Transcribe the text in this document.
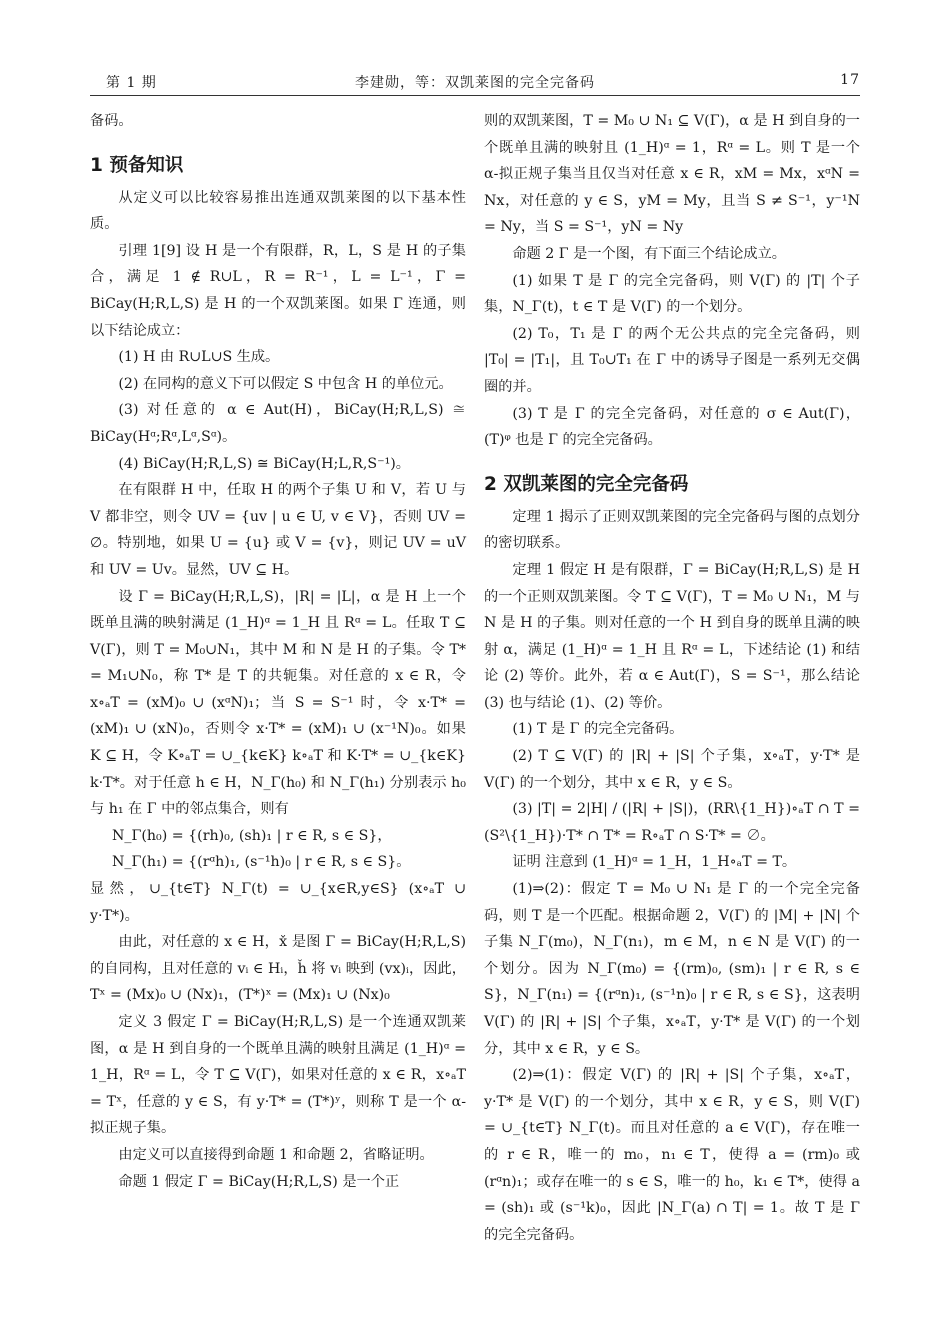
第 1 期	李建勋，等：双凯莱图的完全完备码	17

备码。

1 预备知识

从定义可以比较容易推出连通双凯莱图的以下基本性质。

引理 1[9] 设 H 是一个有限群，R，L，S 是 H 的子集合，满足 1 ∉ R∪L，R = R⁻¹，L = L⁻¹，Γ = BiCay(H;R,L,S) 是 H 的一个双凯莱图。如果 Γ 连通，则以下结论成立：

(1) H 由 R∪L∪S 生成。

(2) 在同构的意义下可以假定 S 中包含 H 的单位元。

(3) 对任意的 α ∈ Aut(H)，BiCay(H;R,L,S) ≅ BiCay(Hᵅ;Rᵅ,Lᵅ,Sᵅ)。

(4) BiCay(H;R,L,S) ≅ BiCay(H;L,R,S⁻¹)。

在有限群 H 中，任取 H 的两个子集 U 和 V，若 U 与 V 都非空，则令 UV = {uv | u ∈ U, v ∈ V}，否则 UV = ∅。特别地，如果 U = {u} 或 V = {v}，则记 UV = uV 和 UV = Uv。显然，UV ⊆ H。

设 Γ = BiCay(H;R,L,S)，|R| = |L|，α 是 H 上一个既单且满的映射满足 (1_H)ᵅ = 1_H 且 Rᵅ = L。任取 T ⊆ V(Γ)，则 T = M₀∪N₁，其中 M 和 N 是 H 的子集。令 T* = M₁∪N₀，称 T* 是 T 的共轭集。对任意的 x ∈ R，令 x∘ₐT = (xM)₀ ∪ (xᵅN)₁；当 S = S⁻¹ 时，令 x·T* = (xM)₁ ∪ (xN)₀，否则令 x·T* = (xM)₁ ∪ (x⁻¹N)₀。如果 K ⊆ H，令 K∘ₐT = ∪_{k∈K} k∘ₐT 和 K·T* = ∪_{k∈K} k·T*。对于任意 h ∈ H，N_Γ(h₀) 和 N_Γ(h₁) 分别表示 h₀ 与 h₁ 在 Γ 中的邻点集合，则有

N_Γ(h₀) = {(rh)₀, (sh)₁ | r ∈ R, s ∈ S}，

N_Γ(h₁) = {(rᵅh)₁, (s⁻¹h)₀ | r ∈ R, s ∈ S}。

显然，∪_{t∈T} N_Γ(t) = ∪_{x∈R,y∈S} (x∘ₐT ∪ y·T*)。

由此，对任意的 x ∈ H，x̌ 是图 Γ = BiCay(H;R,L,S) 的自同构，且对任意的 vᵢ ∈ Hᵢ，ȟ 将 vᵢ 映到 (vx)ᵢ，因此，Tˣ = (Mx)₀ ∪ (Nx)₁，(T*)ˣ = (Mx)₁ ∪ (Nx)₀

定义 3 假定 Γ = BiCay(H;R,L,S) 是一个连通双凯莱图，α 是 H 到自身的一个既单且满的映射且满足 (1_H)ᵅ = 1_H，Rᵅ = L，令 T ⊆ V(Γ)，如果对任意的 x ∈ R，x∘ₐT = Tˣ，任意的 y ∈ S，有 y·T* = (T*)ʸ，则称 T 是一个 α-拟正规子集。

由定义可以直接得到命题 1 和命题 2，省略证明。

命题 1 假定 Γ = BiCay(H;R,L,S) 是一个正

则的双凯莱图，T = M₀ ∪ N₁ ⊆ V(Γ)，α 是 H 到自身的一个既单且满的映射且 (1_H)ᵅ = 1，Rᵅ = L。则 T 是一个 α-拟正规子集当且仅当对任意 x ∈ R，xM = Mx，xᵅN = Nx，对任意的 y ∈ S，yM = My，且当 S ≠ S⁻¹，y⁻¹N = Ny，当 S = S⁻¹，yN = Ny

命题 2 Γ 是一个图，有下面三个结论成立。

(1) 如果 T 是 Γ 的完全完备码，则 V(Γ) 的 |T| 个子集，N_Γ(t)，t ∈ T 是 V(Γ) 的一个划分。

(2) T₀，T₁ 是 Γ 的两个无公共点的完全完备码，则 |T₀| = |T₁|，且 T₀∪T₁ 在 Γ 中的诱导子图是一系列无交偶圈的并。

(3) T 是 Γ 的完全完备码，对任意的 σ ∈ Aut(Γ)，(T)ᵠ 也是 Γ 的完全完备码。

2 双凯莱图的完全完备码

定理 1 揭示了正则双凯莱图的完全完备码与图的点划分的密切联系。

定理 1 假定 H 是有限群，Γ = BiCay(H;R,L,S) 是 H 的一个正则双凯莱图。令 T ⊆ V(Γ)，T = M₀ ∪ N₁，M 与 N 是 H 的子集。则对任意的一个 H 到自身的既单且满的映射 α，满足 (1_H)ᵅ = 1_H 且 Rᵅ = L，下述结论 (1) 和结论 (2) 等价。此外，若 α ∈ Aut(Γ)，S = S⁻¹，那么结论 (3) 也与结论 (1)、(2) 等价。

(1) T 是 Γ 的完全完备码。

(2) T ⊆ V(Γ) 的 |R| + |S| 个子集，x∘ₐT，y·T* 是 V(Γ) 的一个划分，其中 x ∈ R，y ∈ S。

(3) |T| = 2|H| / (|R| + |S|)，(RR\{1_H})∘ₐT ∩ T = (S²\{1_H})·T* ∩ T* = R∘ₐT ∩ S·T* = ∅。

证明 注意到 (1_H)ᵅ = 1_H，1_H∘ₐT = T。

(1)⇒(2)：假定 T = M₀ ∪ N₁ 是 Γ 的一个完全完备码，则 T 是一个匹配。根据命题 2，V(Γ) 的 |M| + |N| 个子集 N_Γ(m₀)，N_Γ(n₁)，m ∈ M，n ∈ N 是 V(Γ) 的一个划分。因为 N_Γ(m₀) = {(rm)₀, (sm)₁ | r ∈ R, s ∈ S}，N_Γ(n₁) = {(rᵅn)₁, (s⁻¹n)₀ | r ∈ R, s ∈ S}，这表明 V(Γ) 的 |R| + |S| 个子集，x∘ₐT，y·T* 是 V(Γ) 的一个划分，其中 x ∈ R，y ∈ S。

(2)⇒(1)：假定 V(Γ) 的 |R| + |S| 个子集，x∘ₐT，y·T* 是 V(Γ) 的一个划分，其中 x ∈ R，y ∈ S，则 V(Γ) = ∪_{t∈T} N_Γ(t)。而且对任意的 a ∈ V(Γ)，存在唯一的 r ∈ R，唯一的 m₀，n₁ ∈ T，使得 a = (rm)₀ 或 (rᵅn)₁；或存在唯一的 s ∈ S，唯一的 h₀，k₁ ∈ T*，使得 a = (sh)₁ 或 (s⁻¹k)₀，因此 |N_Γ(a) ∩ T| = 1。故 T 是 Γ 的完全完备码。
